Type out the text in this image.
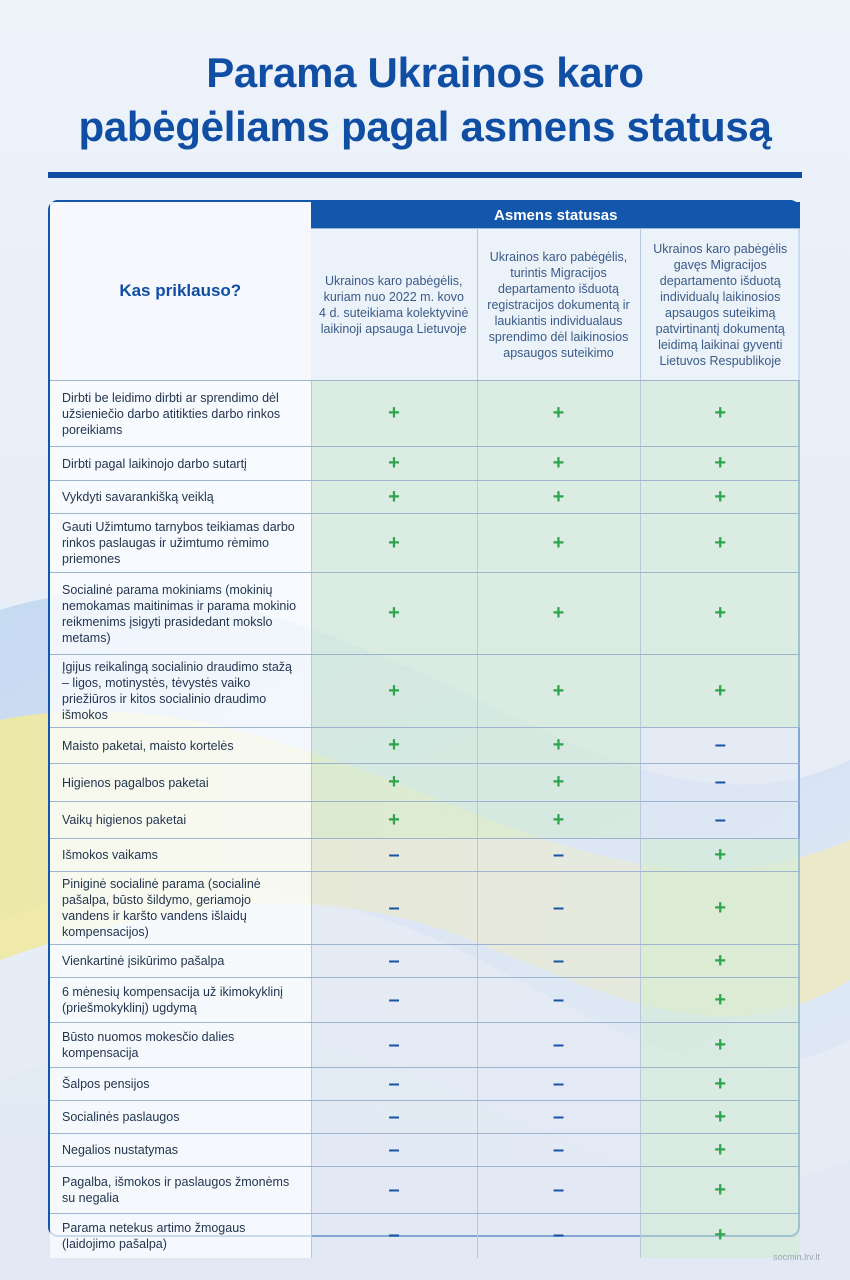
Parama Ukrainos karo
pabėgėliams pagal asmens statusą
Kas priklauso?	Asmens statusas		
	Ukrainos karo pabėgėlis, kuriam nuo 2022 m. kovo 4 d. suteikiama kolektyvinė laikinoji apsauga Lietuvoje	Ukrainos karo pabėgėlis, turintis Migracijos departamento išduotą registracijos dokumentą ir laukiantis individualaus sprendimo dėl laikinosios apsaugos suteikimo	Ukrainos karo pabėgėlis gavęs Migracijos departamento išduotą individualų laikinosios apsaugos suteikimą patvirtinantį dokumentą leidimą laikinai gyventi Lietuvos Respublikoje
Dirbti be leidimo dirbti ar sprendimo dėl užsieniečio darbo atitikties darbo rinkos poreikiams	+	+	+
Dirbti pagal laikinojo darbo sutartį	+	+	+
Vykdyti savarankišką veiklą	+	+	+
Gauti Užimtumo tarnybos teikiamas darbo rinkos paslaugas ir užimtumo rėmimo priemones	+	+	+
Socialinė parama mokiniams (mokinių nemokamas maitinimas ir parama mokinio reikmenims įsigyti prasidedant mokslo metams)	+	+	+
Įgijus reikalingą socialinio draudimo stažą – ligos, motinystės, tėvystės vaiko priežiūros ir kitos socialinio draudimo išmokos	+	+	+
Maisto paketai, maisto kortelės	+	+	–
Higienos pagalbos paketai	+	+	–
Vaikų higienos paketai	+	+	–
Išmokos vaikams	–	–	+
Piniginė socialinė parama (socialinė pašalpa, būsto šildymo, geriamojo vandens ir karšto vandens išlaidų kompensacijos)	–	–	+
Vienkartinė įsikūrimo pašalpa	–	–	+
6 mėnesių kompensacija už ikimokyklinį (priešmokyklinį) ugdymą	–	–	+
Būsto nuomos mokesčio dalies kompensacija	–	–	+
Šalpos pensijos	–	–	+
Socialinės paslaugos	–	–	+
Negalios nustatymas	–	–	+
Pagalba, išmokos ir paslaugos žmonėms su negalia	–	–	+
Parama netekus artimo žmogaus (laidojimo pašalpa)	–	–	+
socmin.lrv.lt
